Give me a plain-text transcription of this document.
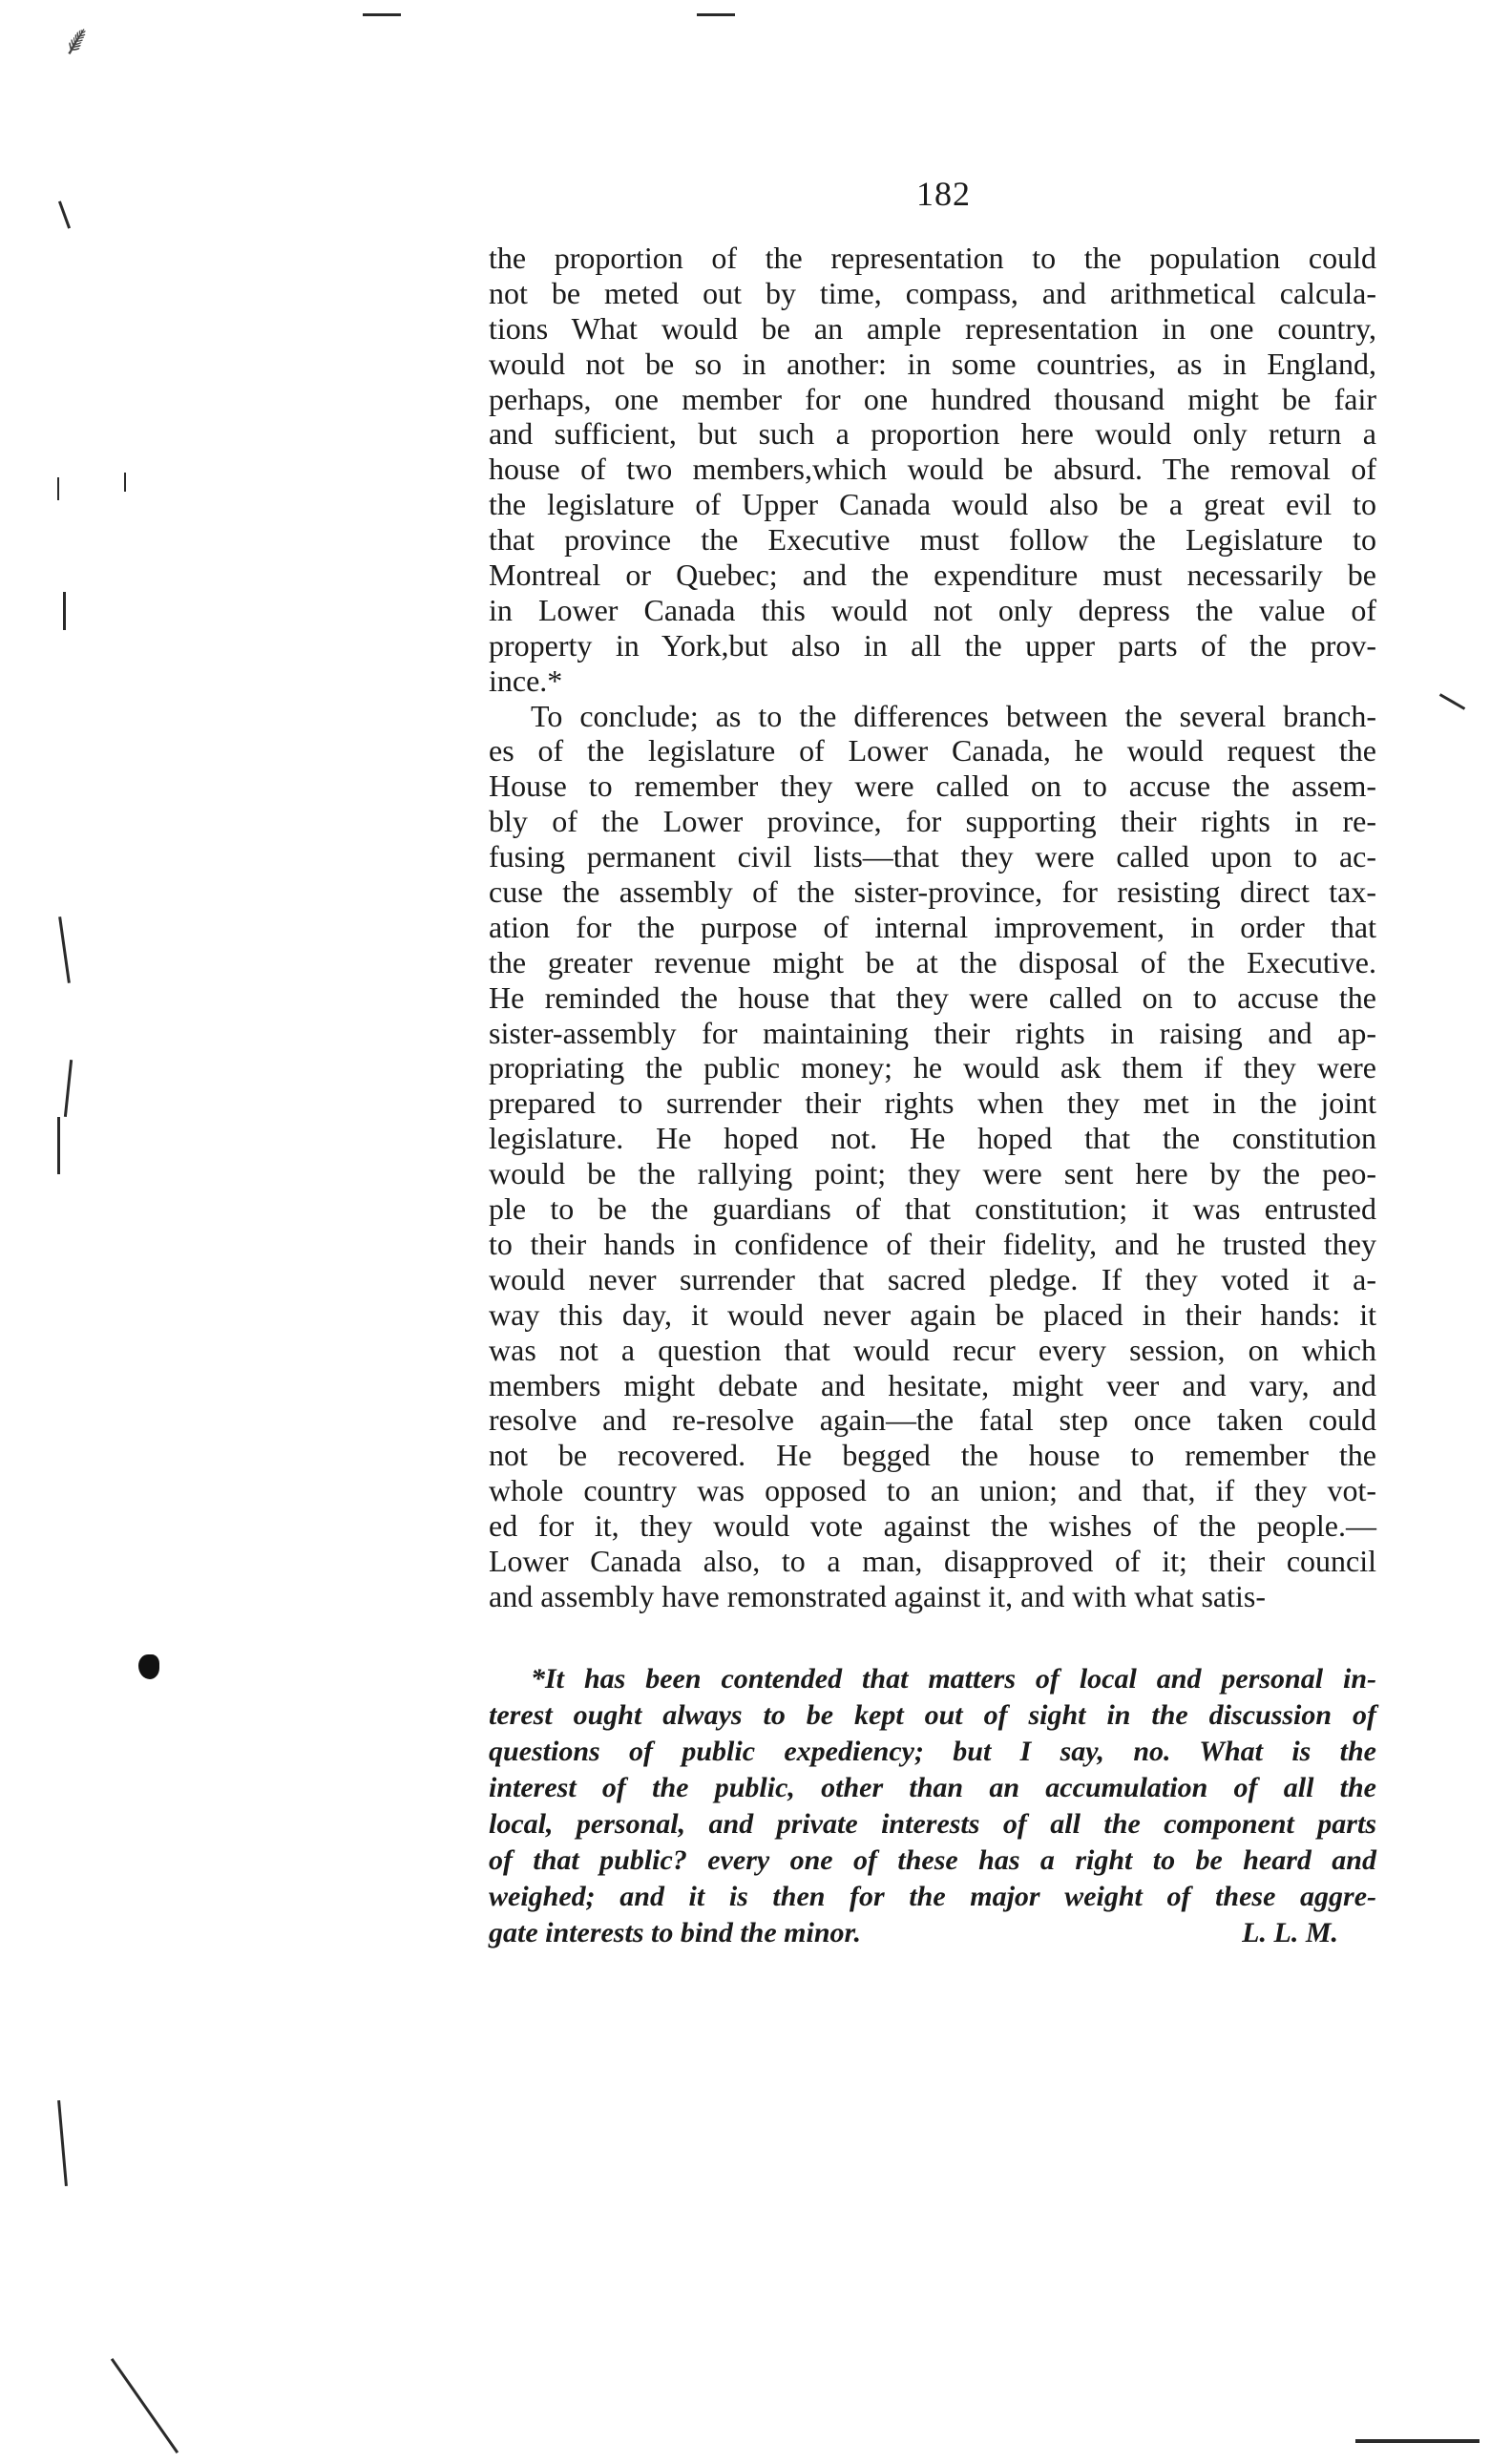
⸙
182
the proportion of the representation to the population could
not be meted out by time, compass, and arithmetical calcula-
tions What would be an ample representation in one country,
would not be so in another: in some countries, as in England,
perhaps, one member for one hundred thousand might be fair
and sufficient, but such a proportion here would only return a
house of two members,which would be absurd. The removal of
the legislature of Upper Canada would also be a great evil to
that province the Executive must follow the Legislature to
Montreal or Quebec; and the expenditure must necessarily be
in Lower Canada this would not only depress the value of
property in York,but also in all the upper parts of the prov-
ince.*
To conclude; as to the differences between the several branch-
es of the legislature of Lower Canada, he would request the
House to remember they were called on to accuse the assem-
bly of the Lower province, for supporting their rights in re-
fusing permanent civil lists—that they were called upon to ac-
cuse the assembly of the sister-province, for resisting direct tax-
ation for the purpose of internal improvement, in order that
the greater revenue might be at the disposal of the Executive.
He reminded the house that they were called on to accuse the
sister-assembly for maintaining their rights in raising and ap-
propriating the public money; he would ask them if they were
prepared to surrender their rights when they met in the joint
legislature. He hoped not. He hoped that the constitution
would be the rallying point; they were sent here by the peo-
ple to be the guardians of that constitution; it was entrusted
to their hands in confidence of their fidelity, and he trusted they
would never surrender that sacred pledge. If they voted it a-
way this day, it would never again be placed in their hands: it
was not a question that would recur every session, on which
members might debate and hesitate, might veer and vary, and
resolve and re-resolve again—the fatal step once taken could
not be recovered. He begged the house to remember the
whole country was opposed to an union; and that, if they vot-
ed for it, they would vote against the wishes of the people.—
Lower Canada also, to a man, disapproved of it; their council
and assembly have remonstrated against it, and with what satis-
*It has been contended that matters of local and personal in-
terest ought always to be kept out of sight in the discussion of
questions of public expediency; but I say, no. What is the
interest of the public, other than an accumulation of all the
local, personal, and private interests of all the component parts
of that public? every one of these has a right to be heard and
weighed; and it is then for the major weight of these aggre-
gate interests to bind the minor.	L. L. M.
